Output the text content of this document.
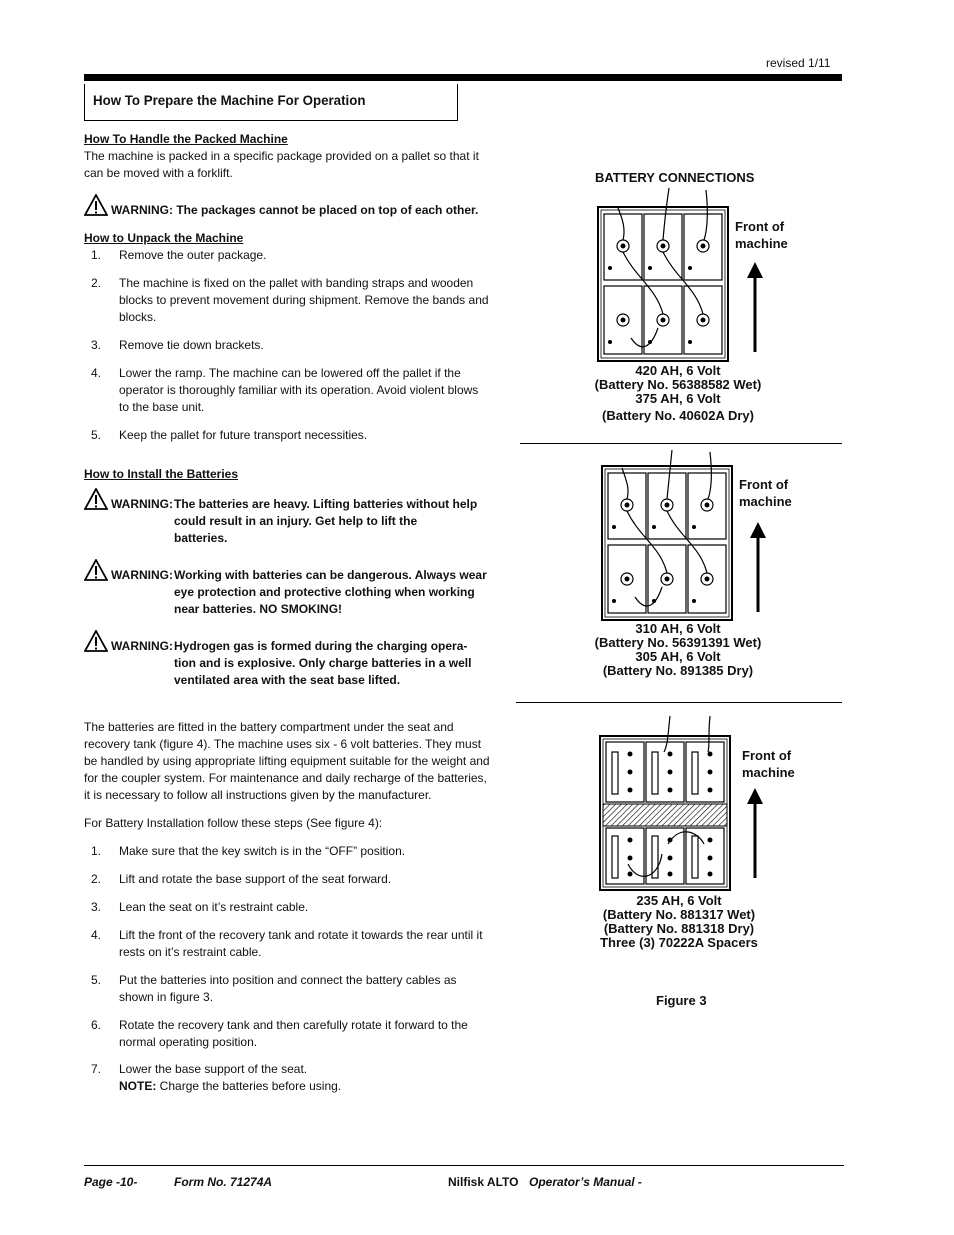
revised 1/11
How To Prepare the Machine For Operation
How To Handle the Packed Machine
The machine is packed in a specific package provided on a pallet so that it
can be moved with a forklift.
WARNING: The packages cannot be placed on top of each other.
How to Unpack the Machine
1. Remove the outer package.
2. The machine is fixed on the pallet with banding straps and wooden
blocks to prevent movement during shipment. Remove the bands and
blocks.
3. Remove tie down brackets.
4. Lower the ramp. The machine can be lowered off the pallet if the
operator is thoroughly familiar with its operation. Avoid violent blows
to the base unit.
5. Keep the pallet for future transport necessities.
How to Install the Batteries
WARNING: The batteries are heavy. Lifting batteries without help
could result in an injury. Get help to lift the
batteries.
WARNING: Working with batteries can be dangerous. Always wear
eye protection and protective clothing when working
near batteries. NO SMOKING!
WARNING: Hydrogen gas is formed during the charging opera-
tion and is explosive. Only charge batteries in a well
ventilated area with the seat base lifted.
The batteries are fitted in the battery compartment under the seat and
recovery tank (figure 4). The machine uses six - 6 volt batteries. They must
be handled by using appropriate lifting equipment suitable for the weight and
for the coupler system. For maintenance and daily recharge of the batteries,
it is necessary to follow all instructions given by the manufacturer.
For Battery Installation follow these steps (See figure 4):
1. Make sure that the key switch is in the “OFF” position.
2. Lift and rotate the base support of the seat forward.
3. Lean the seat on it’s restraint cable.
4. Lift the front of the recovery tank and rotate it towards the rear until it
rests on it’s restraint cable.
5. Put the batteries into position and connect the battery cables as
shown in figure 3.
6. Rotate the recovery tank and then carefully rotate it forward to the
normal operating position.
7. Lower the base support of the seat.
NOTE: Charge the batteries before using.
BATTERY CONNECTIONS
Front of
machine
420 AH, 6 Volt
(Battery No. 56388582 Wet)
375 AH, 6 Volt
(Battery No. 40602A Dry)
Front of
machine
310 AH, 6 Volt
(Battery No. 56391391 Wet)
305 AH, 6 Volt
(Battery No. 891385 Dry)
Front of
machine
235 AH, 6 Volt
(Battery No. 881317 Wet)
(Battery No. 881318 Dry)
Three (3) 70222A Spacers
Figure 3
Page -10-	Form No. 71274A	Nilfisk ALTO Operator’s Manual -
